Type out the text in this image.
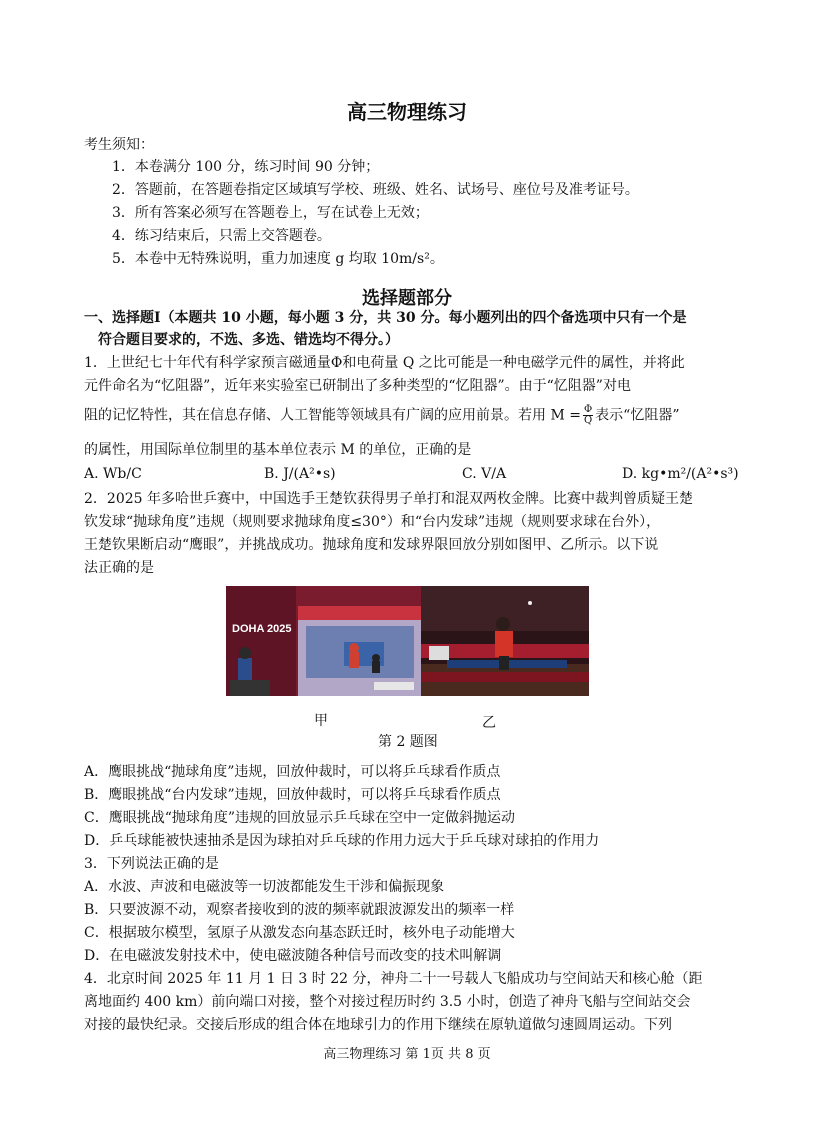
高三物理练习
考生须知：
1．本卷满分 100 分，练习时间 90 分钟；
2．答题前，在答题卷指定区域填写学校、班级、姓名、试场号、座位号及准考证号。
3．所有答案必须写在答题卷上，写在试卷上无效；
4．练习结束后，只需上交答题卷。
5．本卷中无特殊说明，重力加速度 g 均取 10m/s²。
选择题部分
一、选择题Ⅰ（本题共 10 小题，每小题 3 分，共 30 分。每小题列出的四个备选项中只有一个是
符合题目要求的，不选、多选、错选均不得分。）
1．上世纪七十年代有科学家预言磁通量Φ和电荷量 Q 之比可能是一种电磁学元件的属性，并将此
元件命名为“忆阻器”，近年来实验室已研制出了多种类型的“忆阻器”。由于“忆阻器”对电
阻的记忆特性，其在信息存储、人工智能等领域具有广阔的应用前景。若用 $M = \frac{\Phi}{Q}$ 表示“忆阻器”
的属性，用国际单位制里的基本单位表示 M 的单位，正确的是
A. Wb/C	B. J/(A²•s)	C. V/A	D. kg•m²/(A²•s³)
2．2025 年多哈世乒赛中，中国选手王楚钦获得男子单打和混双两枚金牌。比赛中裁判曾质疑王楚
钦发球“抛球角度”违规（规则要求抛球角度≤30°）和“台内发球”违规（规则要求球在台外），
王楚钦果断启动“鹰眼”，并挑战成功。抛球角度和发球界限回放分别如图甲、乙所示。以下说
法正确的是
DOHA 2025
甲	乙
第 2 题图
A．鹰眼挑战“抛球角度”违规，回放仲裁时，可以将乒乓球看作质点
B．鹰眼挑战“台内发球”违规，回放仲裁时，可以将乒乓球看作质点
C．鹰眼挑战“抛球角度”违规的回放显示乒乓球在空中一定做斜抛运动
D．乒乓球能被快速抽杀是因为球拍对乒乓球的作用力远大于乒乓球对球拍的作用力
3．下列说法正确的是
A．水波、声波和电磁波等一切波都能发生干涉和偏振现象
B．只要波源不动，观察者接收到的波的频率就跟波源发出的频率一样
C．根据玻尔模型，氢原子从激发态向基态跃迁时，核外电子动能增大
D．在电磁波发射技术中，使电磁波随各种信号而改变的技术叫解调
4．北京时间 2025 年 11 月 1 日 3 时 22 分，神舟二十一号载人飞船成功与空间站天和核心舱（距
离地面约 400 km）前向端口对接，整个对接过程历时约 3.5 小时，创造了神舟飞船与空间站交会
对接的最快纪录。交接后形成的组合体在地球引力的作用下继续在原轨道做匀速圆周运动。下列
高三物理练习 第 1页 共 8 页
